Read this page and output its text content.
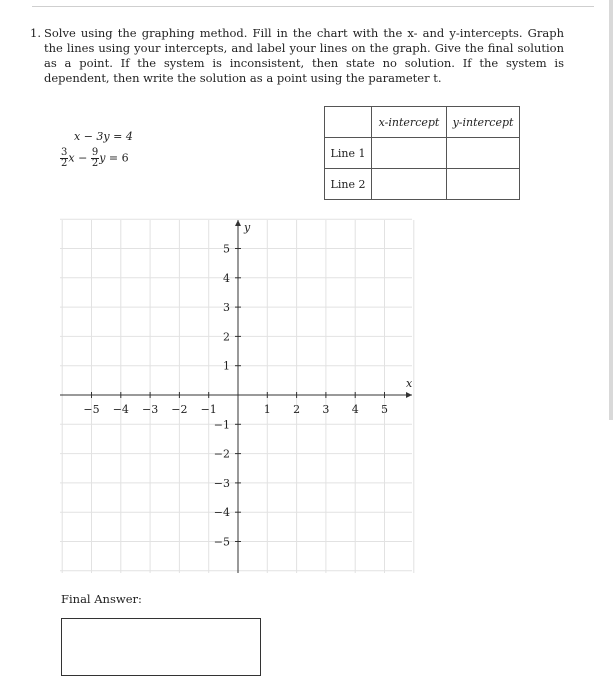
1. Solve using the graphing method. Fill in the chart with the x- and y-intercepts. Graph the lines using your intercepts, and label your lines on the graph. Give the final solution as a point. If the system is inconsistent, then state no solution. If the system is dependent, then write the solution as a point using the parameter t.
x − 3y = 4
$\frac{3}{2}$ $x - \frac{9}{2}$ y = 6
	x-intercept	y-intercept
Line 1		
Line 2		
−5 −4 −3 −2 −1	1 2 3 4 5
5
4
3
2
1
−1
−2
−3
−4
−5
x
y
Final Answer:
